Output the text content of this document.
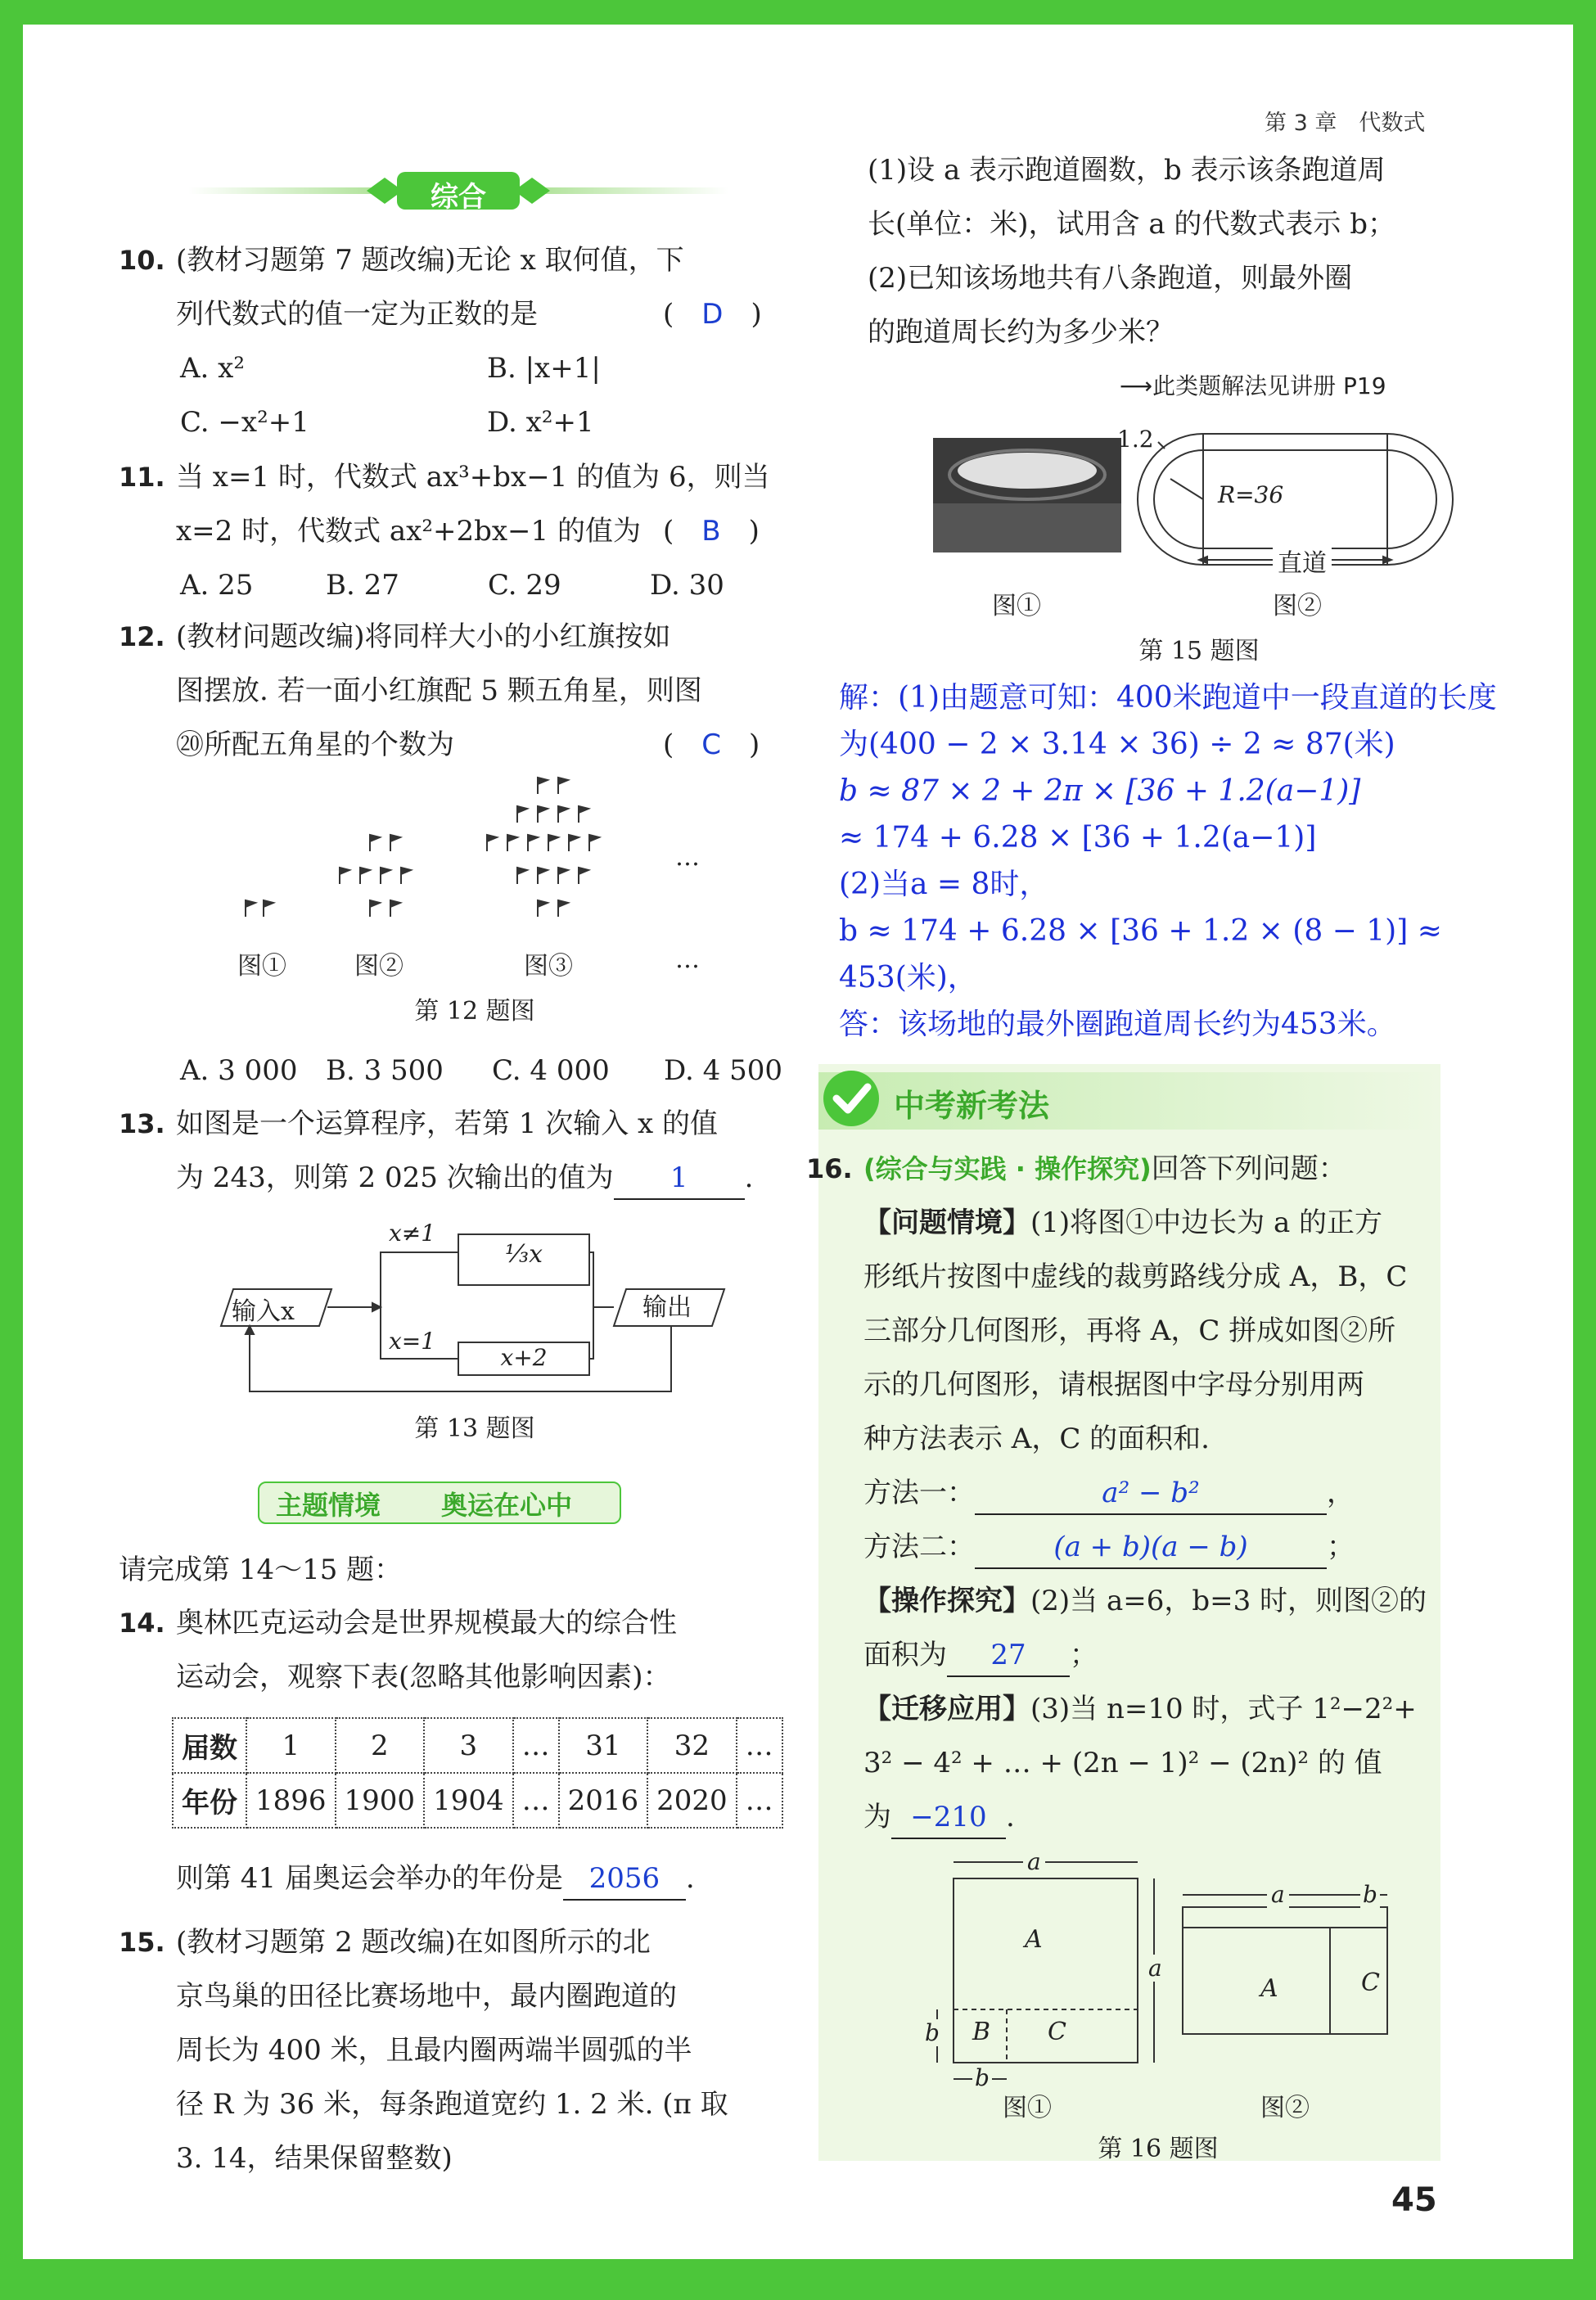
第 3 章　代数式
综合
10. (教材习题第 7 题改编)无论 x 取何值，下
列代数式的值一定为正数的是	(　D　)
A. x²	B. |x+1|
C. −x²+1	D. x²+1
11. 当 x=1 时，代数式 ax³+bx−1 的值为 6，则当
x=2 时，代数式 ax²+2bx−1 的值为 (　B　)
A. 25	B. 27	C. 29	D. 30
12. (教材问题改编)将同样大小的小红旗按如
图摆放. 若一面小红旗配 5 颗五角星，则图
⑳所配五角星的个数为	(　C　)
图①	图②	图③
…
…
第 12 题图
A. 3 000 B. 3 500 C. 4 000 D. 4 500
13. 如图是一个运算程序，若第 1 次输入 x 的值
为 243，则第 2 025 次输出的值为 1 .
输入x	输出
x≠1
x=1
⅓x
x+2
第 13 题图
主题情境 奥运在心中
请完成第 14～15 题：
14. 奥林匹克运动会是世界规模最大的综合性
运动会，观察下表(忽略其他影响因素)：
届数	1	2	3	…	31	32	…
年份	1896	1900	1904	…	2016	2020	…
则第 41 届奥运会举办的年份是 2056 .
15. (教材习题第 2 题改编)在如图所示的北
京鸟巢的田径比赛场地中，最内圈跑道的
周长为 400 米，且最内圈两端半圆弧的半
径 R 为 36 米，每条跑道宽约 1. 2 米. (π 取
3. 14，结果保留整数)
(1)设 a 表示跑道圈数，b 表示该条跑道周
长(单位：米)，试用含 a 的代数式表示 b；
(2)已知该场地共有八条跑道，则最外圈
的跑道周长约为多少米？
⟶此类题解法见讲册 P19
1.2
R=36
直道
图①	图②
第 15 题图
解：(1)由题意可知：400米跑道中一段直道的长度
为(400 − 2 × 3.14 × 36) ÷ 2 ≈ 87(米)
b ≈ 87 × 2 + 2π × [36 + 1.2(a−1)]
≈ 174 + 6.28 × [36 + 1.2(a−1)]
(2)当a = 8时，
b ≈ 174 + 6.28 × [36 + 1.2 × (8 − 1)] ≈ 453(米)，
答：该场地的最外圈跑道周长约为453米。
中考新考法
16. (综合与实践 · 操作探究)回答下列问题：
【问题情境】(1)将图①中边长为 a 的正方
形纸片按图中虚线的裁剪路线分成 A，B，C
三部分几何图形，再将 A，C 拼成如图②所
示的几何图形，请根据图中字母分别用两
种方法表示 A，C 的面积和.
方法一：	a² − b²	，
方法二：	(a + b)(a − b)	；
【操作探究】(2)当 a=6，b=3 时，则图②的
面积为 27 ；
【迁移应用】(3)当 n=10 时，式子 1²−2²+
3² − 4² + … + (2n − 1)² − (2n)² 的 值
为 −210 .
a
a
b
b
A
B C
a	b
A	C
图①	图②
第 16 题图
45
